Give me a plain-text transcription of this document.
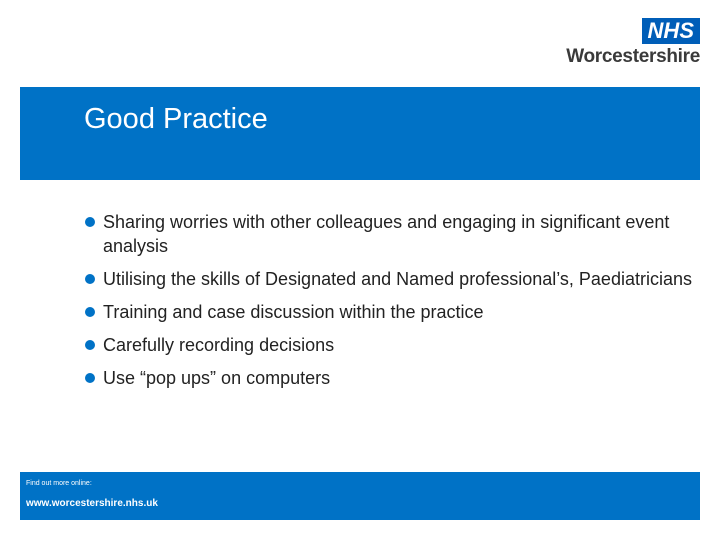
NHS
Worcestershire
Good Practice
Sharing worries with other colleagues and engaging in significant event analysis
Utilising the skills of Designated and Named professional’s, Paediatricians
Training and case discussion within the practice
Carefully recording decisions
Use “pop ups” on computers
Find out more online:
www.worcestershire.nhs.uk
